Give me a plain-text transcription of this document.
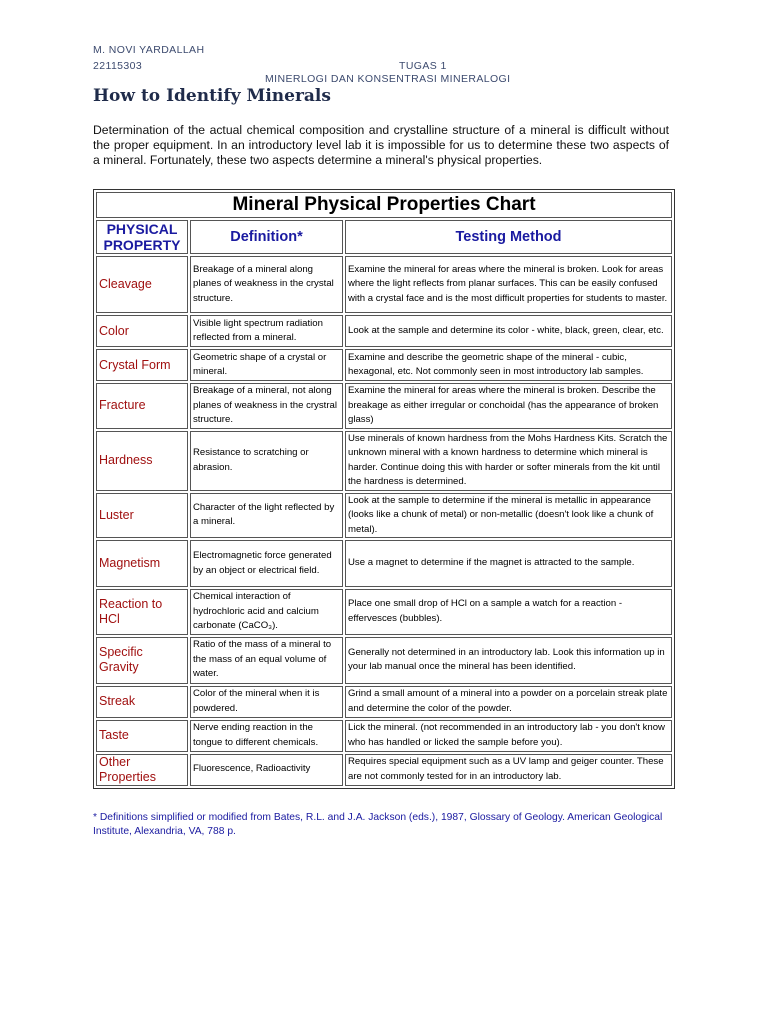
M. NOVI YARDALLAH
22115303	TUGAS 1
MINERLOGI DAN KONSENTRASI MINERALOGI
How to Identify Minerals
Determination of the actual chemical composition and crystalline structure of a mineral is difficult without the proper equipment. In an introductory level lab it is impossible for us to determine these two aspects of a mineral. Fortunately, these two aspects determine a mineral's physical properties.
Mineral Physical Properties Chart		
PHYSICAL PROPERTY	Definition*	Testing Method
Cleavage	Breakage of a mineral along planes of weakness in the crystal structure.	Examine the mineral for areas where the mineral is broken. Look for areas where the light reflects from planar surfaces. This can be easily confused with a crystal face and is the most difficult properties for students to master.
Color	Visible light spectrum radiation reflected from a mineral.	Look at the sample and determine its color - white, black, green, clear, etc.
Crystal Form	Geometric shape of a crystal or mineral.	Examine and describe the geometric shape of the mineral - cubic, hexagonal, etc. Not commonly seen in most introductory lab samples.
Fracture	Breakage of a mineral, not along planes of weakness in the crystral structure.	Examine the mineral for areas where the mineral is broken. Describe the breakage as either irregular or conchoidal (has the appearance of broken glass)
Hardness	Resistance to scratching or abrasion.	Use minerals of known hardness from the Mohs Hardness Kits. Scratch the unknown mineral with a known hardness to determine which mineral is harder. Continue doing this with harder or softer minerals from the kit until the hardness is determined.
Luster	Character of the light reflected by a mineral.	Look at the sample to determine if the mineral is metallic in appearance (looks like a chunk of metal) or non-metallic (doesn't look like a chunk of metal).
Magnetism	Electromagnetic force generated by an object or electrical field.	Use a magnet to determine if the magnet is attracted to the sample.
Reaction to HCl	Chemical interaction of hydrochloric acid and calcium carbonate (CaCO₃).	Place one small drop of HCl on a sample a watch for a reaction - effervesces (bubbles).
Specific Gravity	Ratio of the mass of a mineral to the mass of an equal volume of water.	Generally not determined in an introductory lab. Look this information up in your lab manual once the mineral has been identified.
Streak	Color of the mineral when it is powdered.	Grind a small amount of a mineral into a powder on a porcelain streak plate and determine the color of the powder.
Taste	Nerve ending reaction in the tongue to different chemicals.	Lick the mineral. (not recommended in an introductory lab - you don't know who has handled or licked the sample before you).
Other Properties	Fluorescence, Radioactivity	Requires special equipment such as a UV lamp and geiger counter. These are not commonly tested for in an introductory lab.
* Definitions simplified or modified from Bates, R.L. and J.A. Jackson (eds.), 1987, Glossary of Geology. American Geological Institute, Alexandria, VA, 788 p.
